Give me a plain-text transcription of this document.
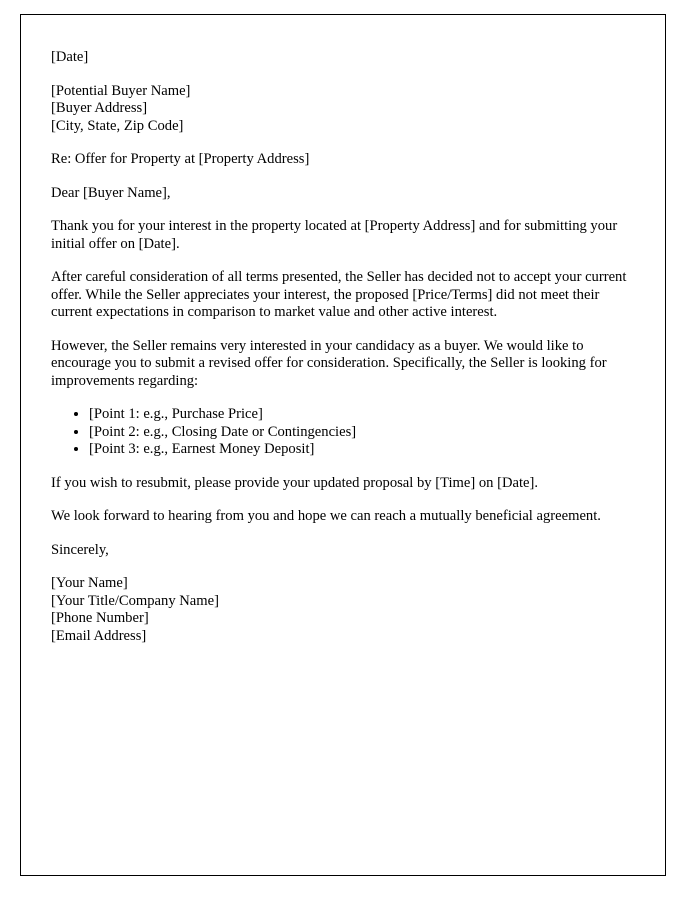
[Date]
[Potential Buyer Name]
[Buyer Address]
[City, State, Zip Code]
Re: Offer for Property at [Property Address]
Dear [Buyer Name],

Thank you for your interest in the property located at [Property Address] and for submitting your initial offer on [Date].

After careful consideration of all terms presented, the Seller has decided not to accept your current offer. While the Seller appreciates your interest, the proposed [Price/Terms] did not meet their current expectations in comparison to market value and other active interest.

However, the Seller remains very interested in your candidacy as a buyer. We would like to encourage you to submit a revised offer for consideration. Specifically, the Seller is looking for improvements regarding:

• [Point 1: e.g., Purchase Price]
• [Point 2: e.g., Closing Date or Contingencies]
• [Point 3: e.g., Earnest Money Deposit]

If you wish to resubmit, please provide your updated proposal by [Time] on [Date].

We look forward to hearing from you and hope we can reach a mutually beneficial agreement.

Sincerely,
[Your Name]
[Your Title/Company Name]
[Phone Number]
[Email Address]
